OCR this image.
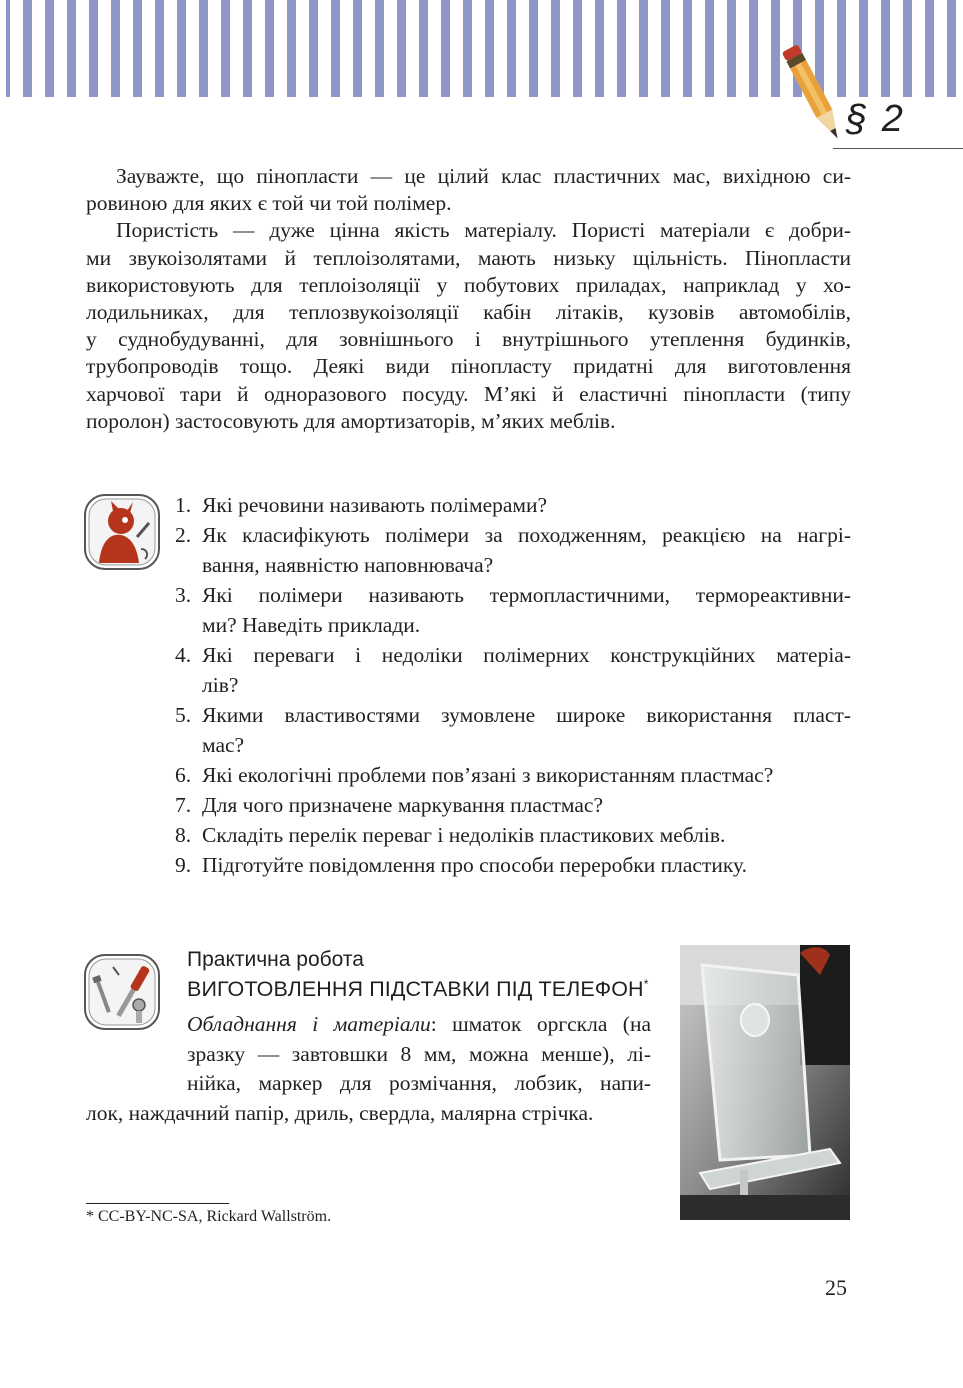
§ 2
Зауважте, що пінопласти — це цілий клас пластичних мас, вихідною си-
ровиною для яких є той чи той полімер.
Пористість — дуже цінна якість матеріалу. Пористі матеріали є добри-
ми звукоізолятами й теплоізолятами, мають низьку щільність. Пінопласти
використовують для теплоізоляції у побутових приладах, наприклад у хо-
лодильниках, для теплозвукоізоляції кабін літаків, кузовів автомобілів,
у суднобудуванні, для зовнішнього і внутрішнього утеплення будинків,
трубопроводів тощо. Деякі види пінопласту придатні для виготовлення
харчової тари й одноразового посуду. М’які й еластичні пінопласти (типу
поролон) застосовують для амортизаторів, м’яких меблів.
1. Які речовини називають полімерами?
2. Як класифікують полімери за походженням, реакцією на нагрі-
вання, наявністю наповнювача?
3. Які полімери називають термопластичними, термореактивни-
ми? Наведіть приклади.
4. Які переваги і недоліки полімерних конструкційних матеріа-
лів?
5. Якими властивостями зумовлене широке використання пласт-
мас?
6. Які екологічні проблеми пов’язані з використанням пластмас?
7. Для чого призначене маркування пластмас?
8. Складіть перелік переваг і недоліків пластикових меблів.
9. Підготуйте повідомлення про способи переробки пластику.
Практична робота
ВИГОТОВЛЕННЯ ПІДСТАВКИ ПІД ТЕЛЕФОН*
Обладнання і матеріали: шматок оргскла (на
зразку — завтовшки 8 мм, можна менше), лі-
нійка, маркер для розмічання, лобзик, напи-
лок, наждачний папір, дриль, свердла, малярна стрічка.
* CC-BY-NC-SA, Rickard Wallström.
25
